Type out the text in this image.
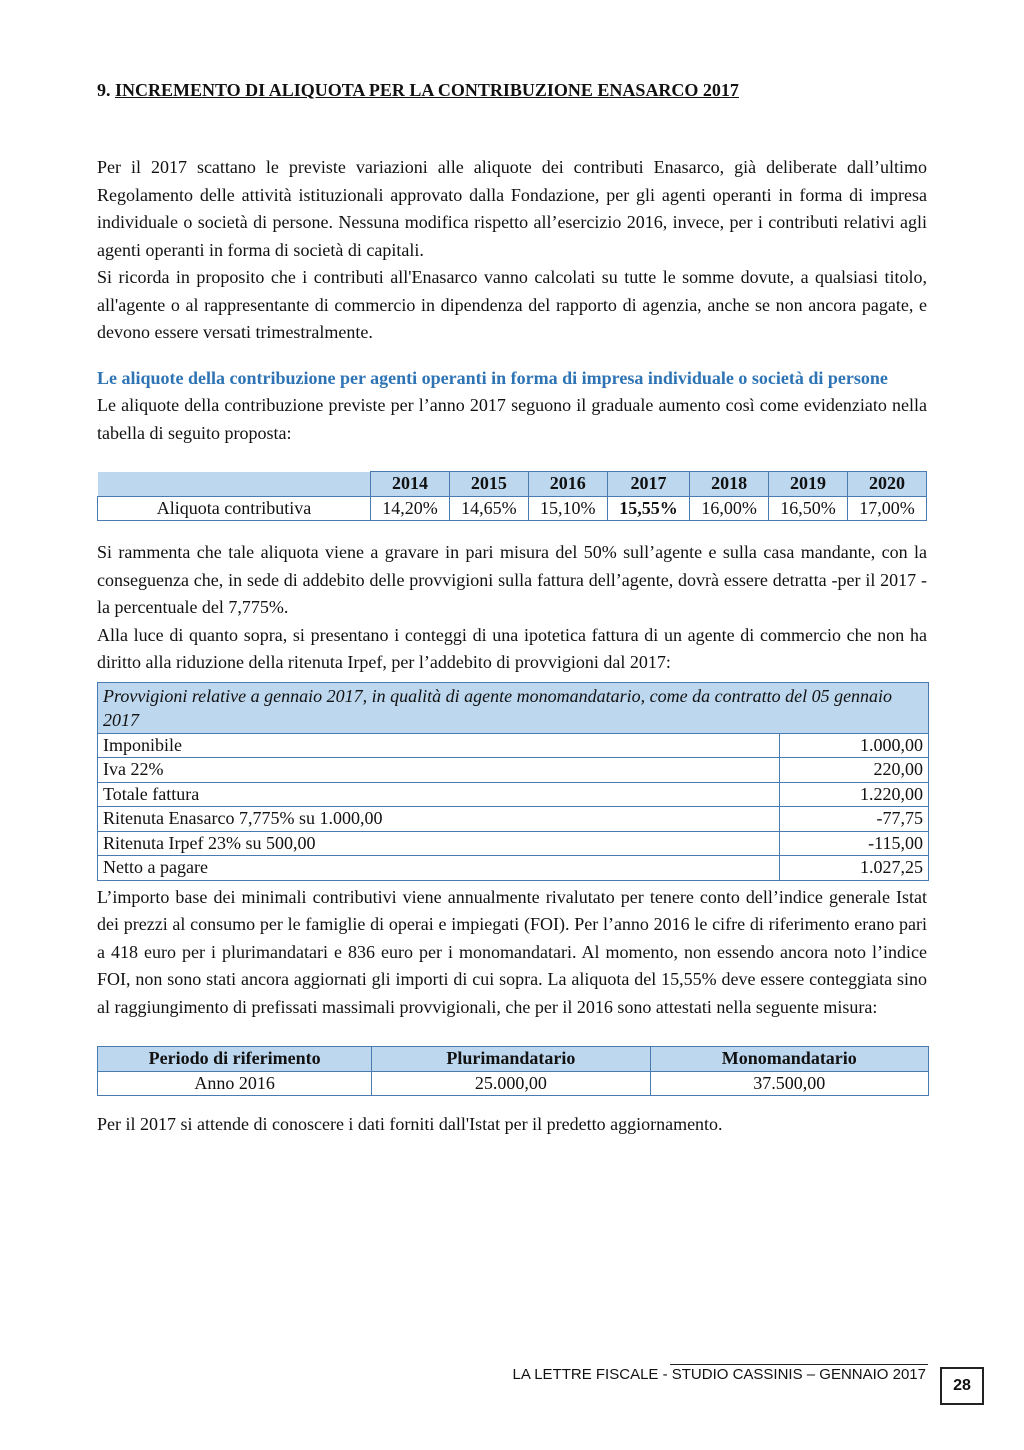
9. INCREMENTO DI ALIQUOTA PER LA CONTRIBUZIONE ENASARCO 2017

Per il 2017 scattano le previste variazioni alle aliquote dei contributi Enasarco, già deliberate dall’ultimo Regolamento delle attività istituzionali approvato dalla Fondazione, per gli agenti operanti in forma di impresa individuale o società di persone. Nessuna modifica rispetto all’esercizio 2016, invece, per i contributi relativi agli agenti operanti in forma di società di capitali.

Si ricorda in proposito che i contributi all'Enasarco vanno calcolati su tutte le somme dovute, a qualsiasi titolo, all'agente o al rappresentante di commercio in dipendenza del rapporto di agenzia, anche se non ancora pagate, e devono essere versati trimestralmente.

Le aliquote della contribuzione per agenti operanti in forma di impresa individuale o società di persone

Le aliquote della contribuzione previste per l’anno 2017 seguono il graduale aumento così come evidenziato nella tabella di seguito proposta:

	2014	2015	2016	2017	2018	2019	2020
Aliquota contributiva	14,20%	14,65%	15,10%	15,55%	16,00%	16,50%	17,00%

Si rammenta che tale aliquota viene a gravare in pari misura del 50% sull’agente e sulla casa mandante, con la conseguenza che, in sede di addebito delle provvigioni sulla fattura dell’agente, dovrà essere detratta -per il 2017 - la percentuale del 7,775%.

Alla luce di quanto sopra, si presentano i conteggi di una ipotetica fattura di un agente di commercio che non ha diritto alla riduzione della ritenuta Irpef, per l’addebito di provvigioni dal 2017:

Provvigioni relative a gennaio 2017, in qualità di agente monomandatario, come da contratto del 05 gennaio 2017	
Imponibile	1.000,00
Iva 22%	220,00
Totale fattura	1.220,00
Ritenuta Enasarco 7,775% su 1.000,00	-77,75
Ritenuta Irpef 23% su 500,00	-115,00
Netto a pagare	1.027,25

L’importo base dei minimali contributivi viene annualmente rivalutato per tenere conto dell’indice generale Istat dei prezzi al consumo per le famiglie di operai e impiegati (FOI). Per l’anno 2016 le cifre di riferimento erano pari a 418 euro per i plurimandatari e 836 euro per i monomandatari. Al momento, non essendo ancora noto l’indice FOI, non sono stati ancora aggiornati gli importi di cui sopra. La aliquota del 15,55% deve essere conteggiata sino al raggiungimento di prefissati massimali provvigionali, che per il 2016 sono attestati nella seguente misura:

Periodo di riferimento	Plurimandatario	Monomandatario
Anno 2016	25.000,00	37.500,00

Per il 2017 si attende di conoscere i dati forniti dall'Istat per il predetto aggiornamento.

LA LETTRE FISCALE - STUDIO CASSINIS – GENNAIO 2017
28
